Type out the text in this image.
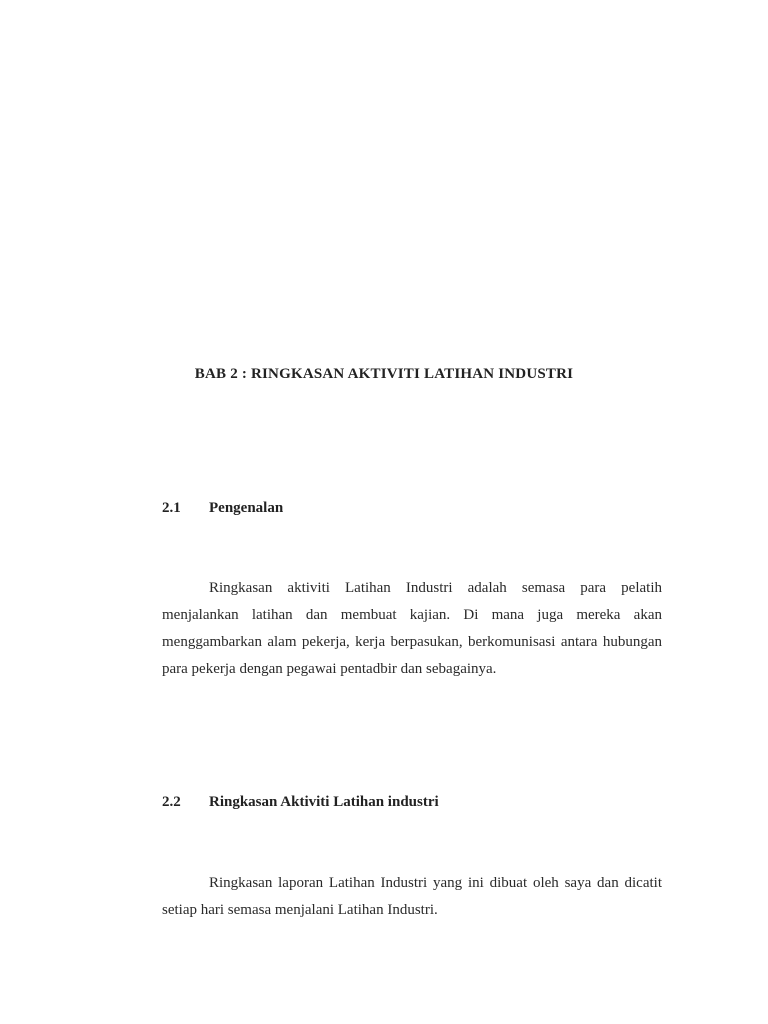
BAB 2 : RINGKASAN AKTIVITI LATIHAN INDUSTRI
2.1 Pengenalan

Ringkasan aktiviti Latihan Industri adalah semasa para pelatih menjalankan latihan dan membuat kajian. Di mana juga mereka akan menggambarkan alam pekerja, kerja berpasukan, berkomunisasi antara hubungan para pekerja dengan pegawai pentadbir dan sebagainya.

2.2 Ringkasan Aktiviti Latihan industri

Ringkasan laporan Latihan Industri yang ini dibuat oleh saya dan dicatit setiap hari semasa menjalani Latihan Industri.
